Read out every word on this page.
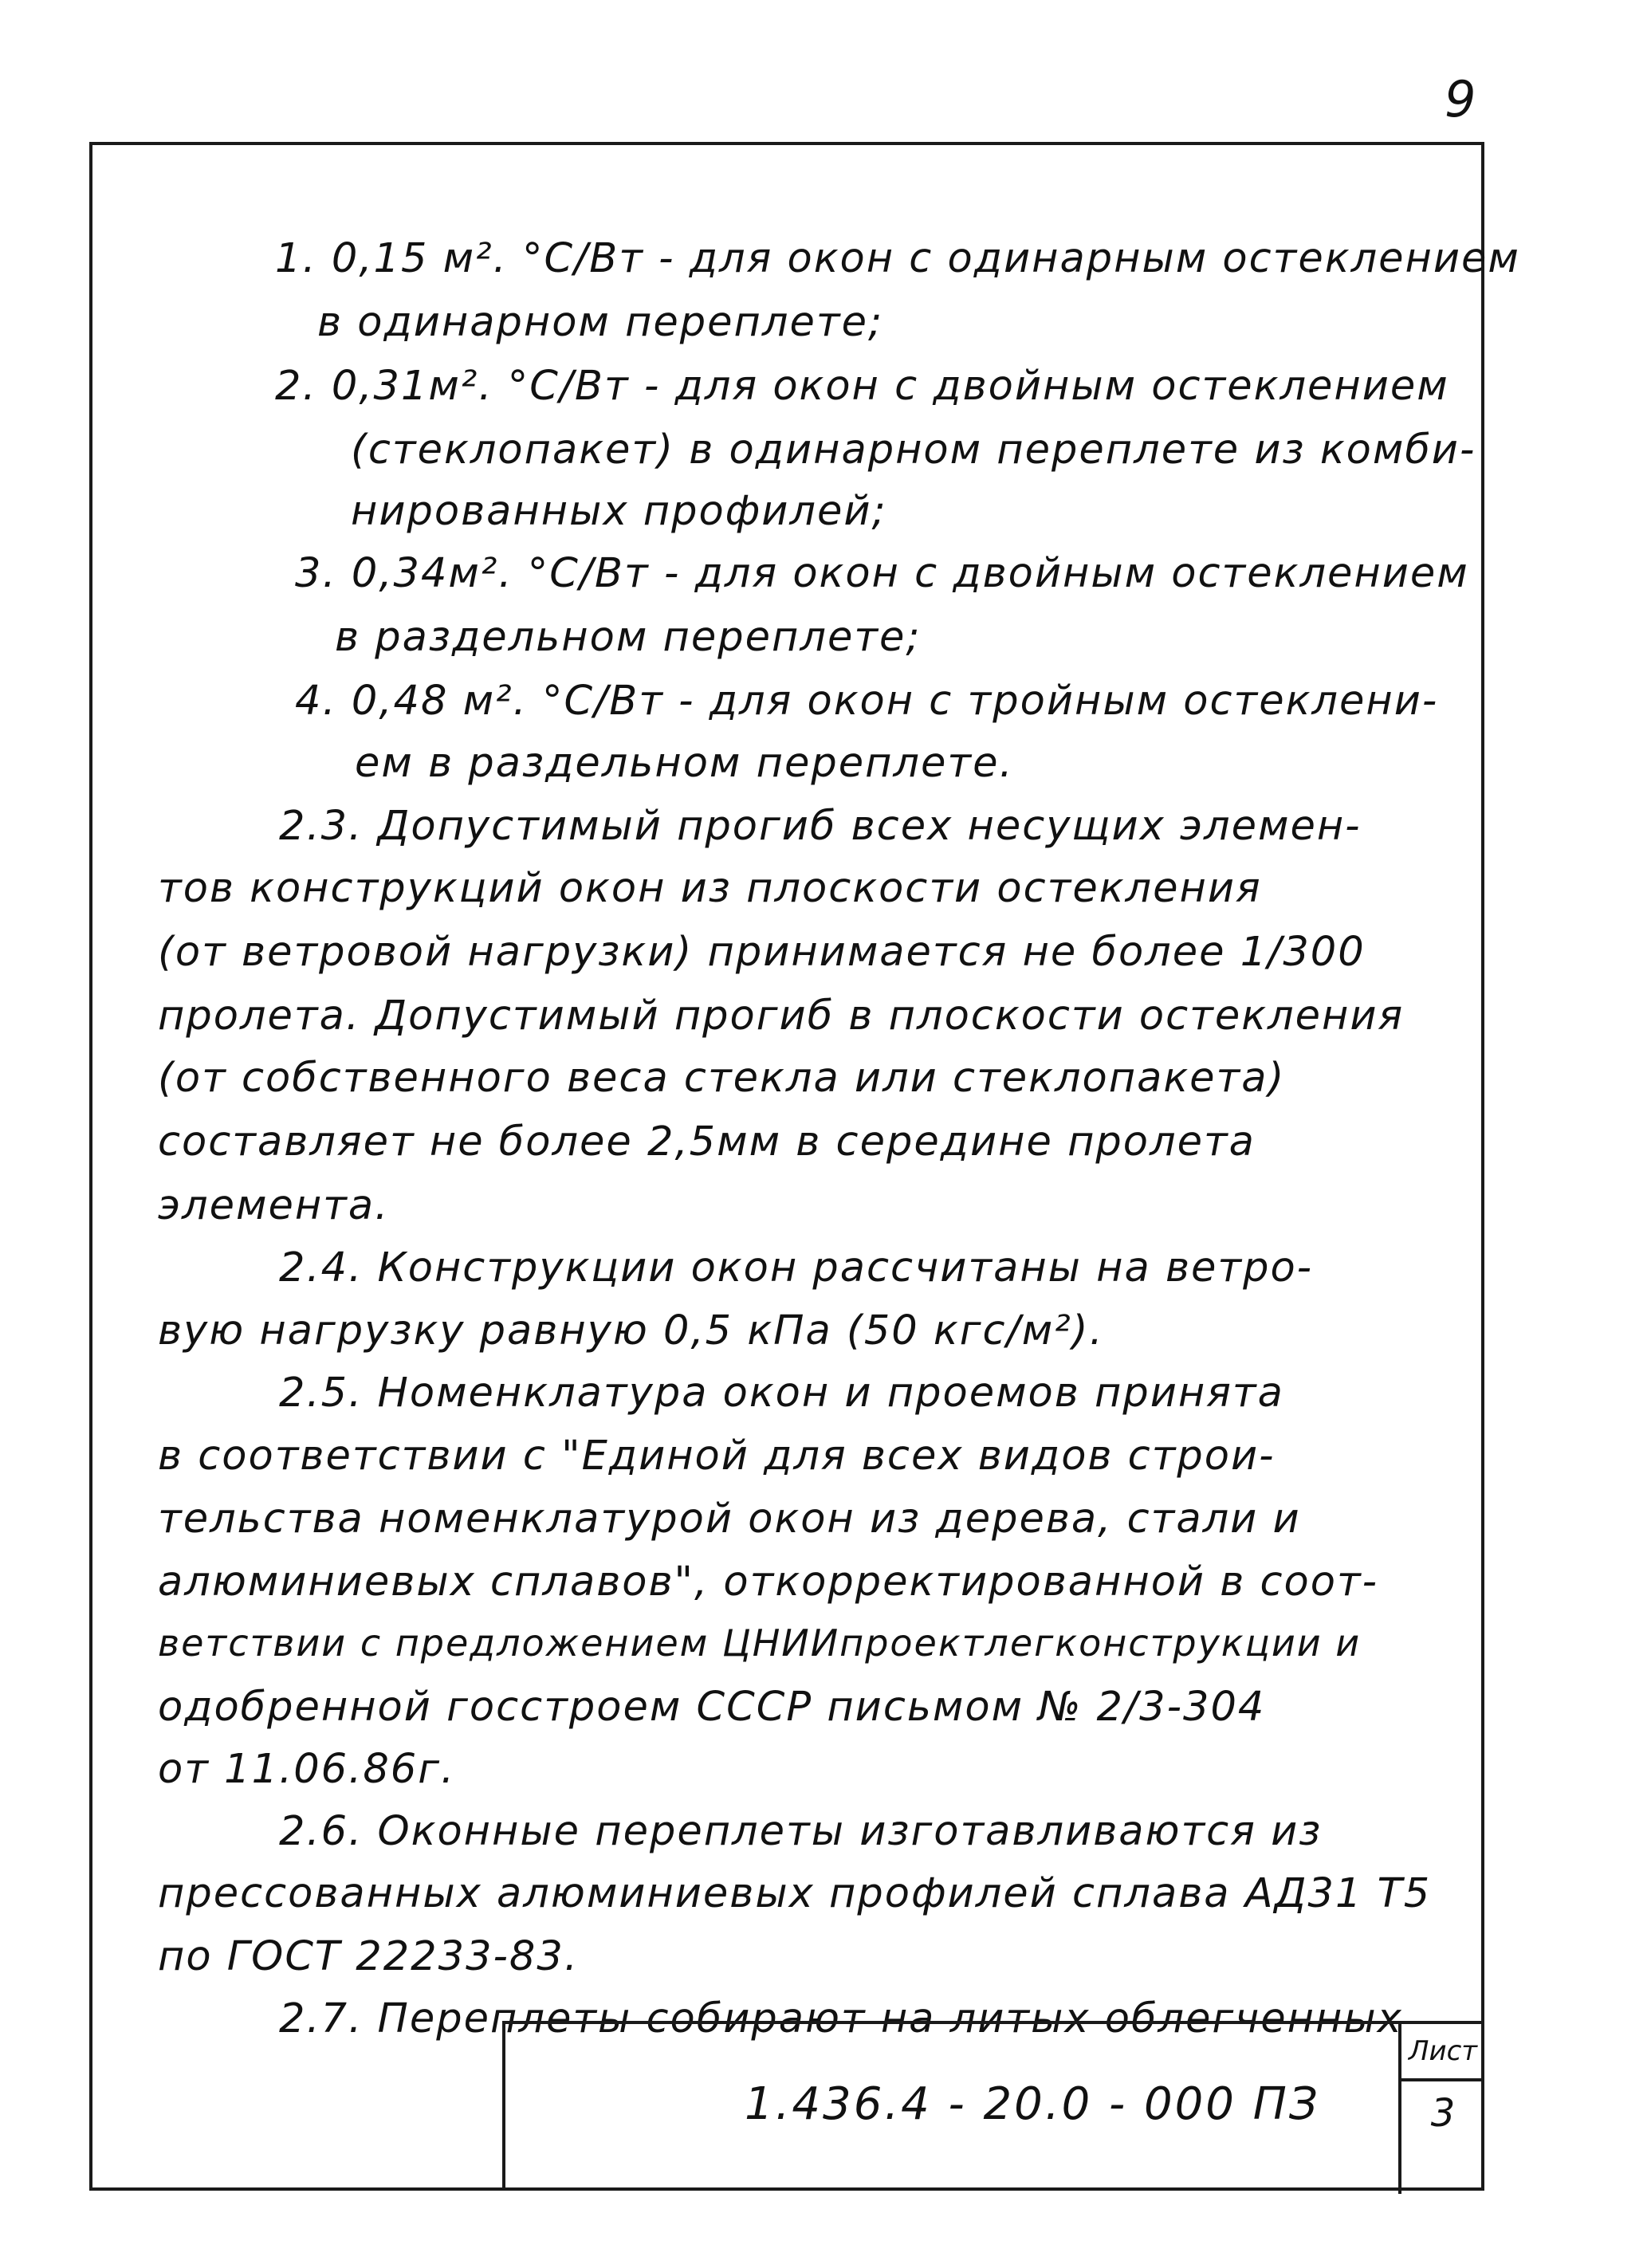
9
1. 0,15 м². °С/Вт - для окон с одинарным остеклением
в одинарном переплете;
2. 0,31м². °С/Вт - для окон с двойным остеклением
(стеклопакет) в одинарном переплете из комби-
нированных профилей;
3. 0,34м². °С/Вт - для окон с двойным остеклением
в раздельном переплете;
4. 0,48 м². °С/Вт - для окон с тройным остеклени-
ем в раздельном переплете.
2.3. Допустимый прогиб всех несущих элемен-
тов конструкций окон из плоскости остекления
(от ветровой нагрузки) принимается не более 1/300
пролета. Допустимый прогиб в плоскости остекления
(от собственного веса стекла или стеклопакета)
составляет не более 2,5мм в середине пролета
элемента.
2.4. Конструкции окон рассчитаны на ветро-
вую нагрузку равную 0,5 кПа (50 кгс/м²).
2.5. Номенклатура окон и проемов принята
в соответствии с "Единой для всех видов строи-
тельства номенклатурой окон из дерева, стали и
алюминиевых сплавов", откорректированной в соот-
ветствии с предложением ЦНИИпроектлегконструкции и
одобренной госстроем СССР письмом № 2/3-304
от 11.06.86г.
2.6. Оконные переплеты изготавливаются из
прессованных алюминиевых профилей сплава АД31 Т5
по ГОСТ 22233-83.
2.7. Переплеты собирают на литых облегченных
1.436.4 - 20.0 - 000 ПЗ
Лист
3
